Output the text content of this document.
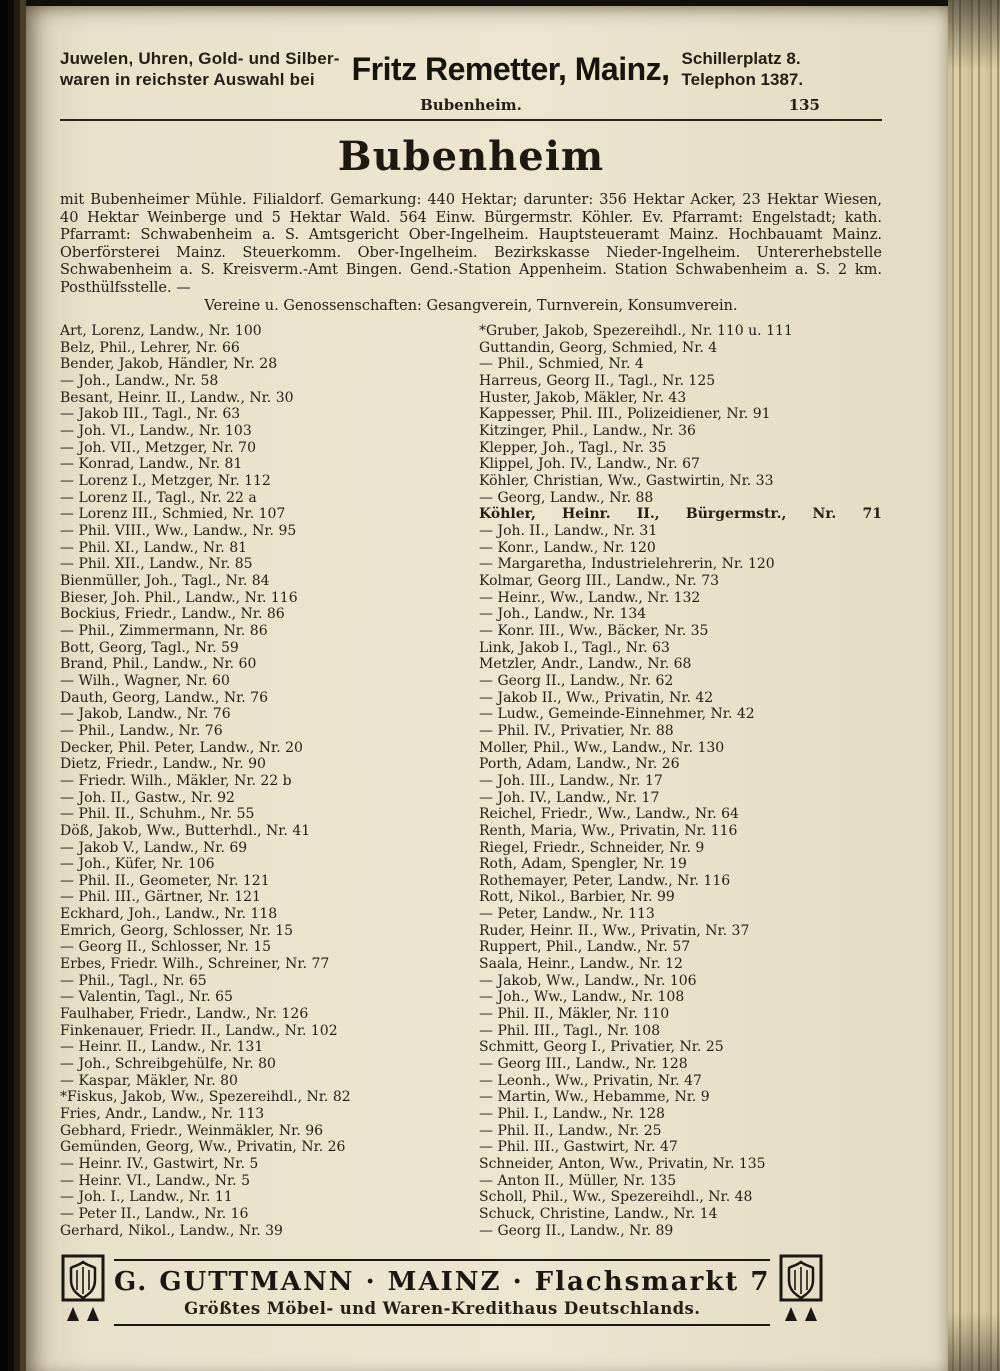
Juwelen, Uhren, Gold- und Silber-
waren in reichster Auswahl bei	Fritz Remetter, Mainz, Schillerplatz 8.
Telephon 1387.
Bubenheim.	135
Bubenheim

mit Bubenheimer Mühle. Filialdorf. Gemarkung: 440 Hektar; darunter: 356 Hektar Acker, 23 Hektar Wiesen, 40 Hektar Weinberge und 5 Hektar Wald. 564 Einw. Bürgermstr. Köhler. Ev. Pfarramt: Engelstadt; kath. Pfarramt: Schwabenheim a. S. Amtsgericht Ober-Ingelheim. Hauptsteueramt Mainz. Hochbauamt Mainz. Oberförsterei Mainz. Steuerkomm. Ober-Ingelheim. Bezirkskasse Nieder-Ingelheim. Untererhebstelle Schwabenheim a. S. Kreisverm.-Amt Bingen. Gend.-Station Appenheim. Station Schwabenheim a. S. 2 km. Posthülfsstelle. —

Vereine u. Genossenschaften: Gesangverein, Turnverein, Konsumverein.

Art, Lorenz, Landw., Nr. 100
Belz, Phil., Lehrer, Nr. 66
Bender, Jakob, Händler, Nr. 28
— Joh., Landw., Nr. 58
Besant, Heinr. II., Landw., Nr. 30
— Jakob III., Tagl., Nr. 63
— Joh. VI., Landw., Nr. 103
— Joh. VII., Metzger, Nr. 70
— Konrad, Landw., Nr. 81
— Lorenz I., Metzger, Nr. 112
— Lorenz II., Tagl., Nr. 22 a
— Lorenz III., Schmied, Nr. 107
— Phil. VIII., Ww., Landw., Nr. 95
— Phil. XI., Landw., Nr. 81
— Phil. XII., Landw., Nr. 85
Bienmüller, Joh., Tagl., Nr. 84
Bieser, Joh. Phil., Landw., Nr. 116
Bockius, Friedr., Landw., Nr. 86
— Phil., Zimmermann, Nr. 86
Bott, Georg, Tagl., Nr. 59
Brand, Phil., Landw., Nr. 60
— Wilh., Wagner, Nr. 60
Dauth, Georg, Landw., Nr. 76
— Jakob, Landw., Nr. 76
— Phil., Landw., Nr. 76
Decker, Phil. Peter, Landw., Nr. 20
Dietz, Friedr., Landw., Nr. 90
— Friedr. Wilh., Mäkler, Nr. 22 b
— Joh. II., Gastw., Nr. 92
— Phil. II., Schuhm., Nr. 55
Döß, Jakob, Ww., Butterhdl., Nr. 41
— Jakob V., Landw., Nr. 69
— Joh., Küfer, Nr. 106
— Phil. II., Geometer, Nr. 121
— Phil. III., Gärtner, Nr. 121
Eckhard, Joh., Landw., Nr. 118
Emrich, Georg, Schlosser, Nr. 15
— Georg II., Schlosser, Nr. 15
Erbes, Friedr. Wilh., Schreiner, Nr. 77
— Phil., Tagl., Nr. 65
— Valentin, Tagl., Nr. 65
Faulhaber, Friedr., Landw., Nr. 126
Finkenauer, Friedr. II., Landw., Nr. 102
— Heinr. II., Landw., Nr. 131
— Joh., Schreibgehülfe, Nr. 80
— Kaspar, Mäkler, Nr. 80
*Fiskus, Jakob, Ww., Spezereihdl., Nr. 82
Fries, Andr., Landw., Nr. 113
Gebhard, Friedr., Weinmäkler, Nr. 96
Gemünden, Georg, Ww., Privatin, Nr. 26
— Heinr. IV., Gastwirt, Nr. 5
— Heinr. VI., Landw., Nr. 5
— Joh. I., Landw., Nr. 11
— Peter II., Landw., Nr. 16
Gerhard, Nikol., Landw., Nr. 39
*Gruber, Jakob, Spezereihdl., Nr. 110 u. 111
Guttandin, Georg, Schmied, Nr. 4
— Phil., Schmied, Nr. 4
Harreus, Georg II., Tagl., Nr. 125
Huster, Jakob, Mäkler, Nr. 43
Kappesser, Phil. III., Polizeidiener, Nr. 91
Kitzinger, Phil., Landw., Nr. 36
Klepper, Joh., Tagl., Nr. 35
Klippel, Joh. IV., Landw., Nr. 67
Köhler, Christian, Ww., Gastwirtin, Nr. 33
— Georg, Landw., Nr. 88
Köhler, Heinr. II., Bürgermstr., Nr. 71
— Joh. II., Landw., Nr. 31
— Konr., Landw., Nr. 120
— Margaretha, Industrielehrerin, Nr. 120
Kolmar, Georg III., Landw., Nr. 73
— Heinr., Ww., Landw., Nr. 132
— Joh., Landw., Nr. 134
— Konr. III., Ww., Bäcker, Nr. 35
Link, Jakob I., Tagl., Nr. 63
Metzler, Andr., Landw., Nr. 68
— Georg II., Landw., Nr. 62
— Jakob II., Ww., Privatin, Nr. 42
— Ludw., Gemeinde-Einnehmer, Nr. 42
— Phil. IV., Privatier, Nr. 88
Moller, Phil., Ww., Landw., Nr. 130
Porth, Adam, Landw., Nr. 26
— Joh. III., Landw., Nr. 17
— Joh. IV., Landw., Nr. 17
Reichel, Friedr., Ww., Landw., Nr. 64
Renth, Maria, Ww., Privatin, Nr. 116
Riegel, Friedr., Schneider, Nr. 9
Roth, Adam, Spengler, Nr. 19
Rothemayer, Peter, Landw., Nr. 116
Rott, Nikol., Barbier, Nr. 99
— Peter, Landw., Nr. 113
Ruder, Heinr. II., Ww., Privatin, Nr. 37
Ruppert, Phil., Landw., Nr. 57
Saala, Heinr., Landw., Nr. 12
— Jakob, Ww., Landw., Nr. 106
— Joh., Ww., Landw., Nr. 108
— Phil. II., Mäkler, Nr. 110
— Phil. III., Tagl., Nr. 108
Schmitt, Georg I., Privatier, Nr. 25
— Georg III., Landw., Nr. 128
— Leonh., Ww., Privatin, Nr. 47
— Martin, Ww., Hebamme, Nr. 9
— Phil. I., Landw., Nr. 128
— Phil. II., Landw., Nr. 25
— Phil. III., Gastwirt, Nr. 47
Schneider, Anton, Ww., Privatin, Nr. 135
— Anton II., Müller, Nr. 135
Scholl, Phil., Ww., Spezereihdl., Nr. 48
Schuck, Christine, Landw., Nr. 14
— Georg II., Landw., Nr. 89
G. GUTTMANN · MAINZ · Flachsmarkt 7
Größtes Möbel- und Waren-Kredithaus Deutschlands.
